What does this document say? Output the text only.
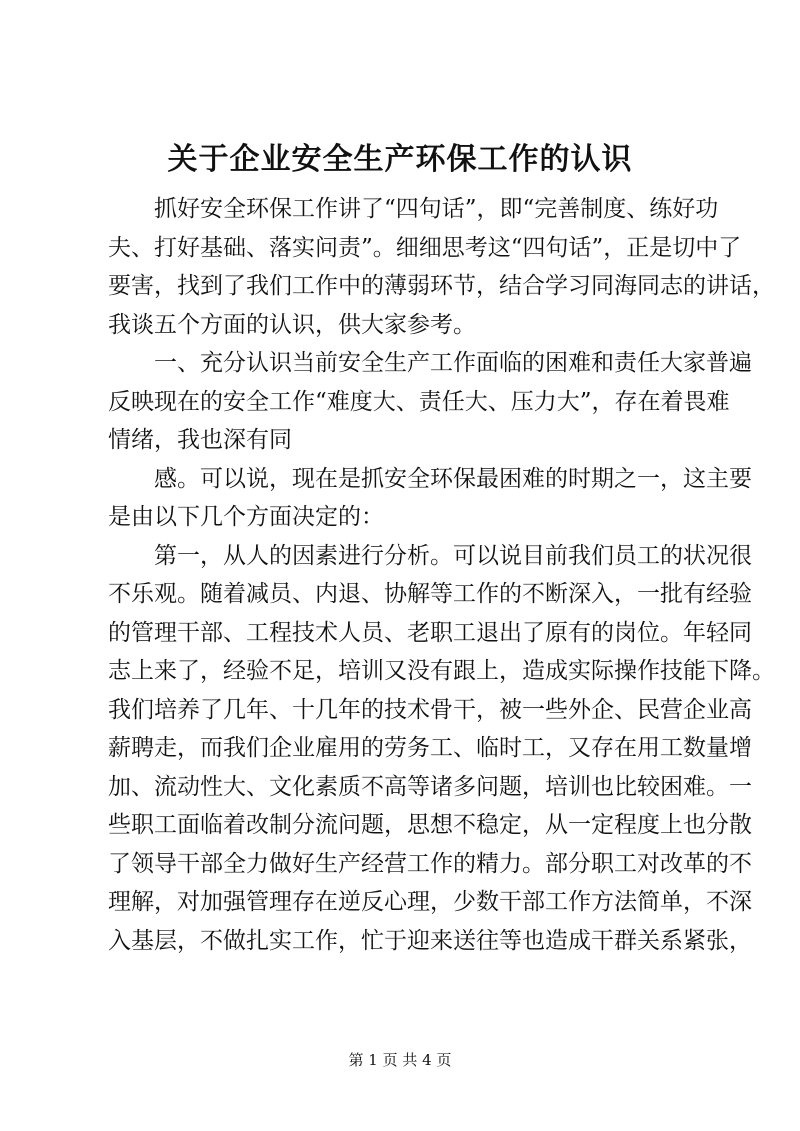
关于企业安全生产环保工作的认识
抓好安全环保工作讲了“四句话”，即“完善制度、练好功
夫、打好基础、落实问责”。细细思考这“四句话”，正是切中了
要害，找到了我们工作中的薄弱环节，结合学习同海同志的讲话，
我谈五个方面的认识，供大家参考。
一、充分认识当前安全生产工作面临的困难和责任大家普遍
反映现在的安全工作“难度大、责任大、压力大”，存在着畏难
情绪，我也深有同
感。可以说，现在是抓安全环保最困难的时期之一，这主要
是由以下几个方面决定的：
第一，从人的因素进行分析。可以说目前我们员工的状况很
不乐观。随着减员、内退、协解等工作的不断深入，一批有经验
的管理干部、工程技术人员、老职工退出了原有的岗位。年轻同
志上来了，经验不足，培训又没有跟上，造成实际操作技能下降。
我们培养了几年、十几年的技术骨干，被一些外企、民营企业高
薪聘走，而我们企业雇用的劳务工、临时工，又存在用工数量增
加、流动性大、文化素质不高等诸多问题，培训也比较困难。一
些职工面临着改制分流问题，思想不稳定，从一定程度上也分散
了领导干部全力做好生产经营工作的精力。部分职工对改革的不
理解，对加强管理存在逆反心理，少数干部工作方法简单，不深
入基层，不做扎实工作，忙于迎来送往等也造成干群关系紧张，
第 1 页 共 4 页
